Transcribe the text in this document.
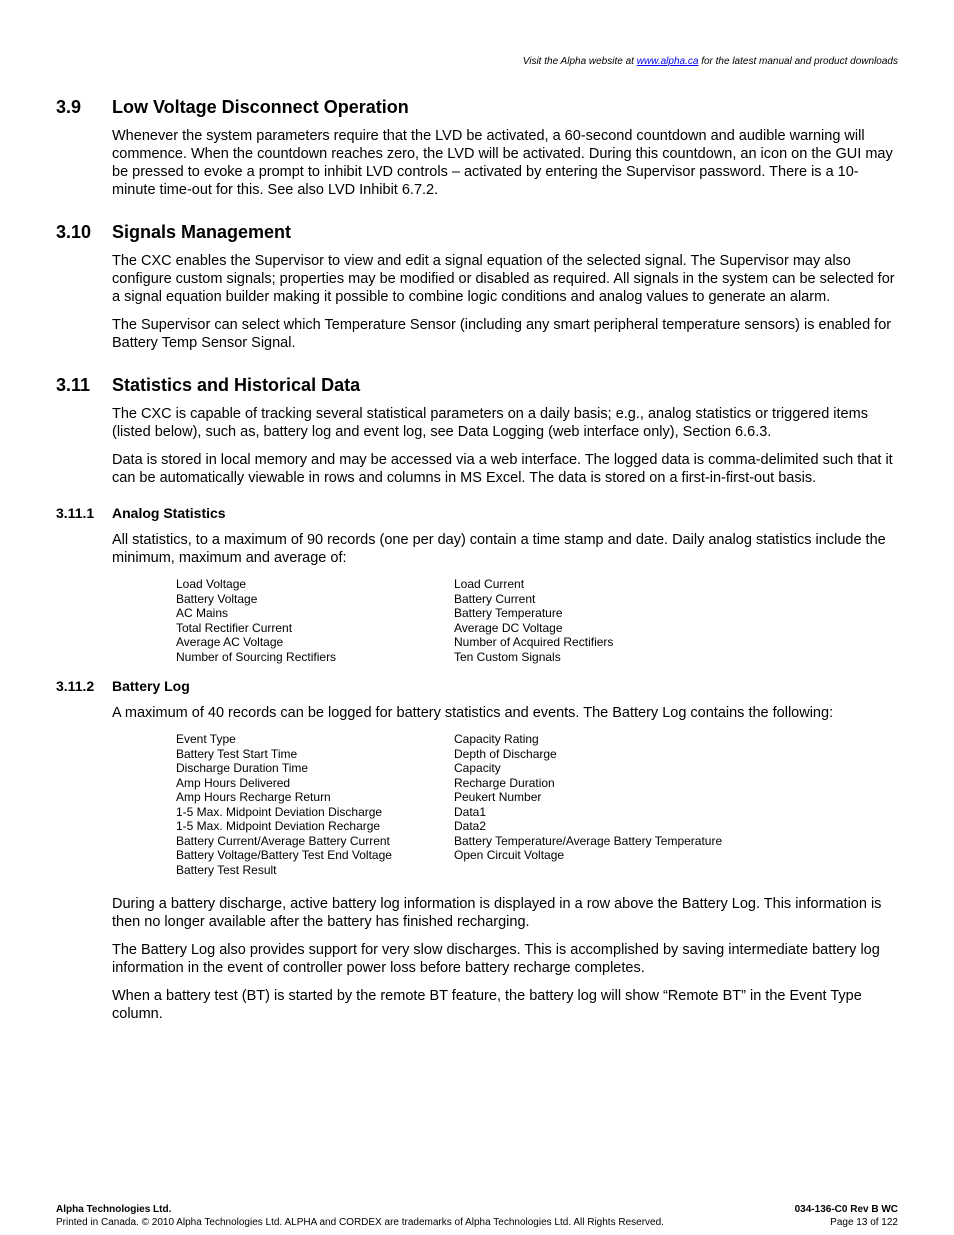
Visit the Alpha website at www.alpha.ca for the latest manual and product downloads
3.9 Low Voltage Disconnect Operation

Whenever the system parameters require that the LVD be activated, a 60-second countdown and audible warning will commence. When the countdown reaches zero, the LVD will be activated. During this countdown, an icon on the GUI may be pressed to evoke a prompt to inhibit LVD controls – activated by entering the Supervisor password. There is a 10-minute time-out for this. See also LVD Inhibit 6.7.2.

3.10 Signals Management

The CXC enables the Supervisor to view and edit a signal equation of the selected signal. The Supervisor may also configure custom signals; properties may be modified or disabled as required. All signals in the system can be selected for a signal equation builder making it possible to combine logic conditions and analog values to generate an alarm.

The Supervisor can select which Temperature Sensor (including any smart peripheral temperature sensors) is enabled for Battery Temp Sensor Signal.

3.11 Statistics and Historical Data

The CXC is capable of tracking several statistical parameters on a daily basis; e.g., analog statistics or triggered items (listed below), such as, battery log and event log, see Data Logging (web interface only), Section 6.6.3.

Data is stored in local memory and may be accessed via a web interface. The logged data is comma-delimited such that it can be automatically viewable in rows and columns in MS Excel. The data is stored on a first-in-first-out basis.

3.11.1 Analog Statistics

All statistics, to a maximum of 90 records (one per day) contain a time stamp and date. Daily analog statistics include the minimum, maximum and average of:

Load Voltage
Battery Voltage
AC Mains
Total Rectifier Current
Average AC Voltage
Number of Sourcing Rectifiers
Load Current
Battery Current
Battery Temperature
Average DC Voltage
Number of Acquired Rectifiers
Ten Custom Signals
3.11.2 Battery Log

A maximum of 40 records can be logged for battery statistics and events. The Battery Log contains the following:

Event Type
Battery Test Start Time
Discharge Duration Time
Amp Hours Delivered
Amp Hours Recharge Return
1-5 Max. Midpoint Deviation Discharge
1-5 Max. Midpoint Deviation Recharge
Battery Current/Average Battery Current
Battery Voltage/Battery Test End Voltage
Battery Test Result
Capacity Rating
Depth of Discharge
Capacity
Recharge Duration
Peukert Number
Data1
Data2
Battery Temperature/Average Battery Temperature
Open Circuit Voltage

During a battery discharge, active battery log information is displayed in a row above the Battery Log. This information is then no longer available after the battery has finished recharging.

The Battery Log also provides support for very slow discharges. This is accomplished by saving intermediate battery log information in the event of controller power loss before battery recharge completes.

When a battery test (BT) is started by the remote BT feature, the battery log will show “Remote BT” in the Event Type column.

Alpha Technologies Ltd.
Printed in Canada. © 2010 Alpha Technologies Ltd. ALPHA and CORDEX are trademarks of Alpha Technologies Ltd. All Rights Reserved.
034-136-C0 Rev B WC
Page 13 of 122
